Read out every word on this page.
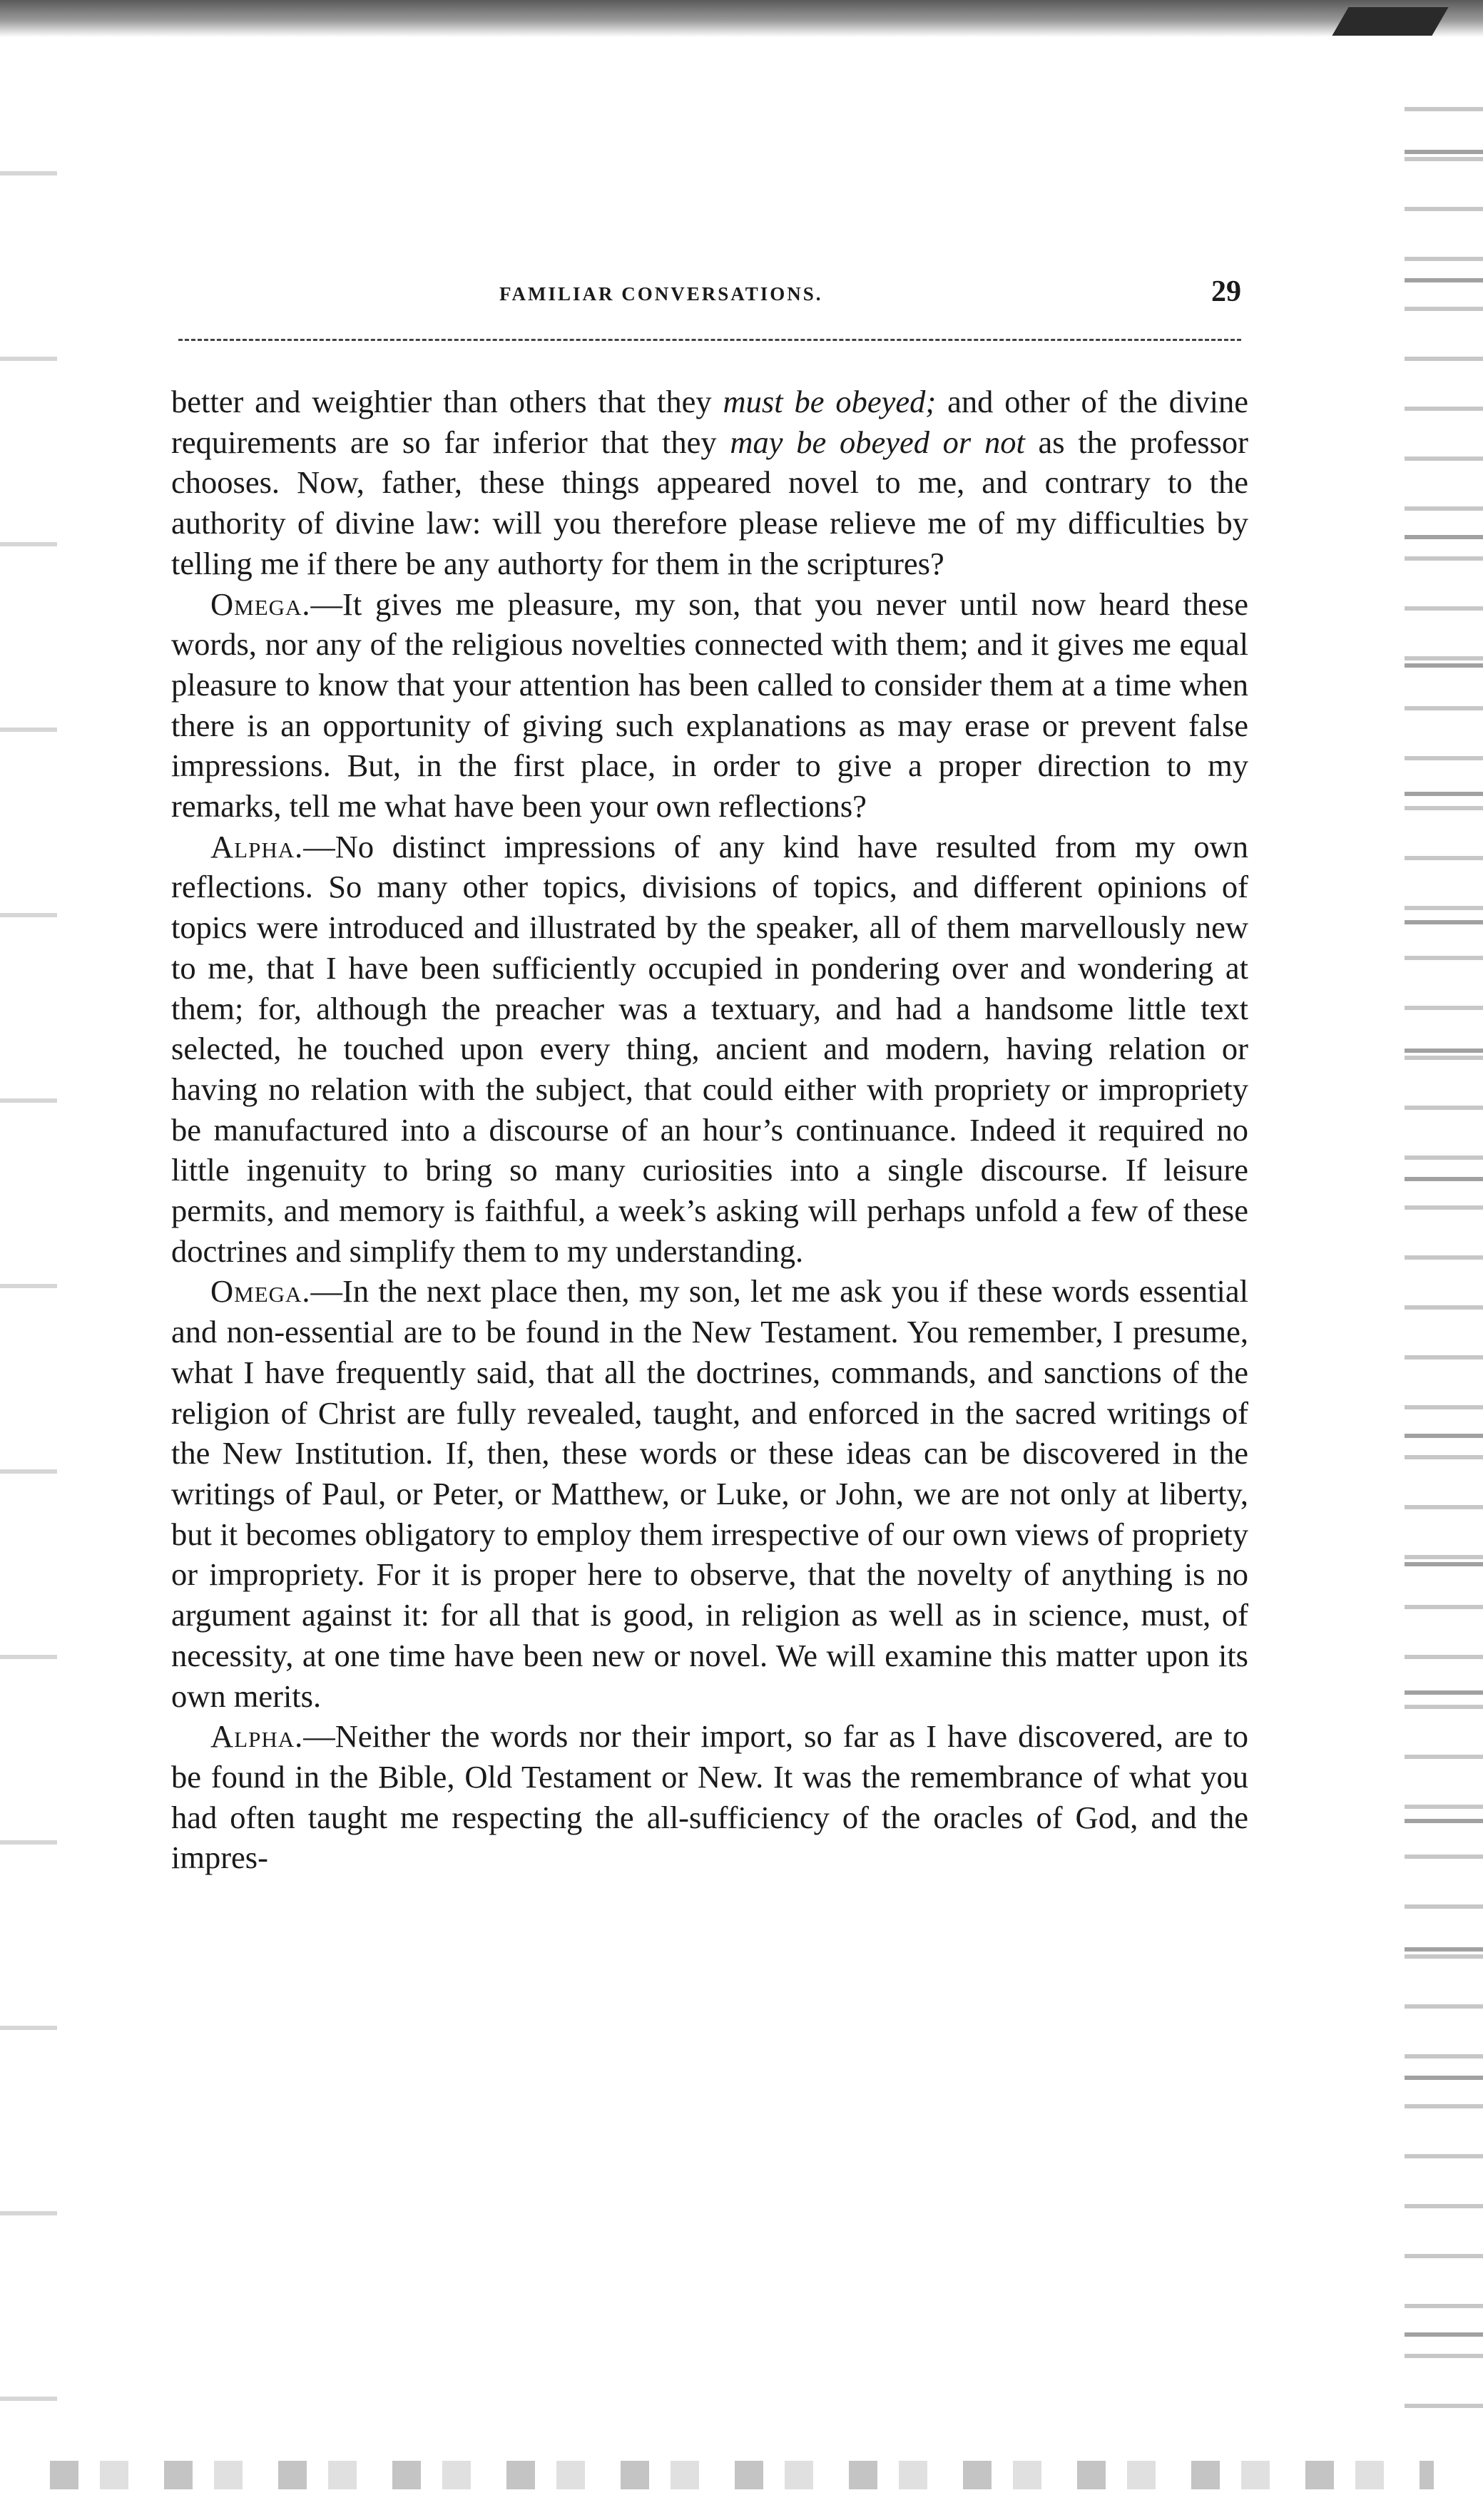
FAMILIAR CONVERSATIONS.	29

better and weightier than others that they must be obeyed; and other of the divine requirements are so far inferior that they may be obeyed or not as the professor chooses. Now, father, these things appeared novel to me, and contrary to the authority of divine law: will you therefore please relieve me of my difficulties by telling me if there be any authorty for them in the scriptures?

Omega.—It gives me pleasure, my son, that you never until now heard these words, nor any of the religious novelties connected with them; and it gives me equal pleasure to know that your attention has been called to consider them at a time when there is an opportunity of giving such explanations as may erase or prevent false impressions. But, in the first place, in order to give a proper direction to my remarks, tell me what have been your own reflections?

Alpha.—No distinct impressions of any kind have resulted from my own reflections. So many other topics, divisions of topics, and different opinions of topics were introduced and illustrated by the speaker, all of them marvellously new to me, that I have been sufficiently occupied in pondering over and wondering at them; for, although the preacher was a textuary, and had a handsome little text selected, he touched upon every thing, ancient and modern, having relation or having no relation with the subject, that could either with propriety or impropriety be manufactured into a discourse of an hour’s continuance. Indeed it required no little ingenuity to bring so many curiosities into a single discourse. If leisure permits, and memory is faithful, a week’s asking will perhaps unfold a few of these doctrines and simplify them to my understanding.

Omega.—In the next place then, my son, let me ask you if these words essential and non-essential are to be found in the New Testament. You remember, I presume, what I have frequently said, that all the doctrines, commands, and sanctions of the religion of Christ are fully revealed, taught, and enforced in the sacred writings of the New Institution. If, then, these words or these ideas can be discovered in the writings of Paul, or Peter, or Matthew, or Luke, or John, we are not only at liberty, but it becomes obligatory to employ them irrespective of our own views of propriety or impropriety. For it is proper here to observe, that the novelty of anything is no argument against it: for all that is good, in religion as well as in science, must, of necessity, at one time have been new or novel. We will examine this matter upon its own merits.

Alpha.—Neither the words nor their import, so far as I have discovered, are to be found in the Bible, Old Testament or New. It was the remembrance of what you had often taught me respecting the all-sufficiency of the oracles of God, and the impres-
